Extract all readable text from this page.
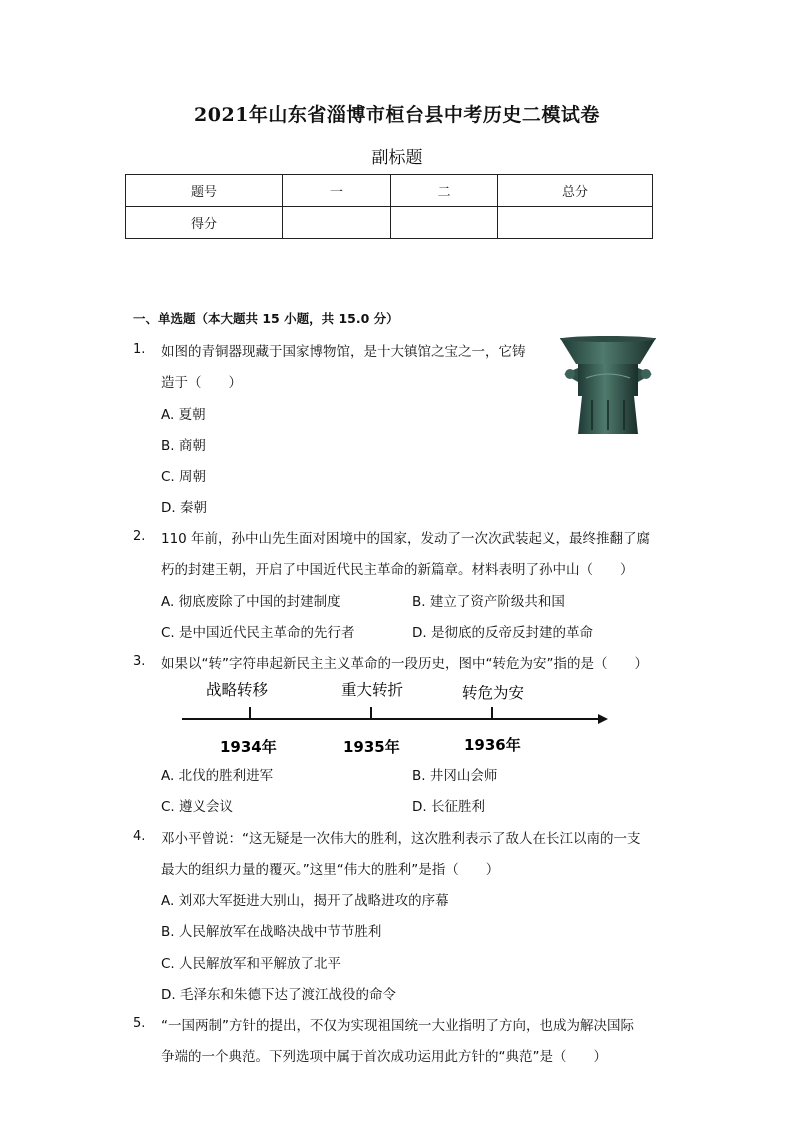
2021年山东省淄博市桓台县中考历史二模试卷
副标题
题号	一	二	总分
得分			
一、单选题（本大题共 15 小题，共 15.0 分）
1. 如图的青铜器现藏于国家博物馆，是十大镇馆之宝之一，它铸
造于（　　）
A. 夏朝
B. 商朝
C. 周朝
D. 秦朝
2. 110 年前，孙中山先生面对困境中的国家，发动了一次次武装起义，最终推翻了腐
朽的封建王朝，开启了中国近代民主革命的新篇章。材料表明了孙中山（　　）
A. 彻底废除了中国的封建制度	B. 建立了资产阶级共和国
C. 是中国近代民主革命的先行者	D. 是彻底的反帝反封建的革命
3. 如果以“转”字符串起新民主主义革命的一段历史，图中“转危为安”指的是（　　）
战略转移	重大转折	转危为安
1934年	1935年	1936年
A. 北伐的胜利进军	B. 井冈山会师
C. 遵义会议	D. 长征胜利
4. 邓小平曾说：“这无疑是一次伟大的胜利，这次胜利表示了敌人在长江以南的一支
最大的组织力量的覆灭。”这里“伟大的胜利”是指（　　）
A. 刘邓大军挺进大别山，揭开了战略进攻的序幕
B. 人民解放军在战略决战中节节胜利
C. 人民解放军和平解放了北平
D. 毛泽东和朱德下达了渡江战役的命令
5. “一国两制”方针的提出，不仅为实现祖国统一大业指明了方向，也成为解决国际
争端的一个典范。下列选项中属于首次成功运用此方针的“典范”是（　　）
